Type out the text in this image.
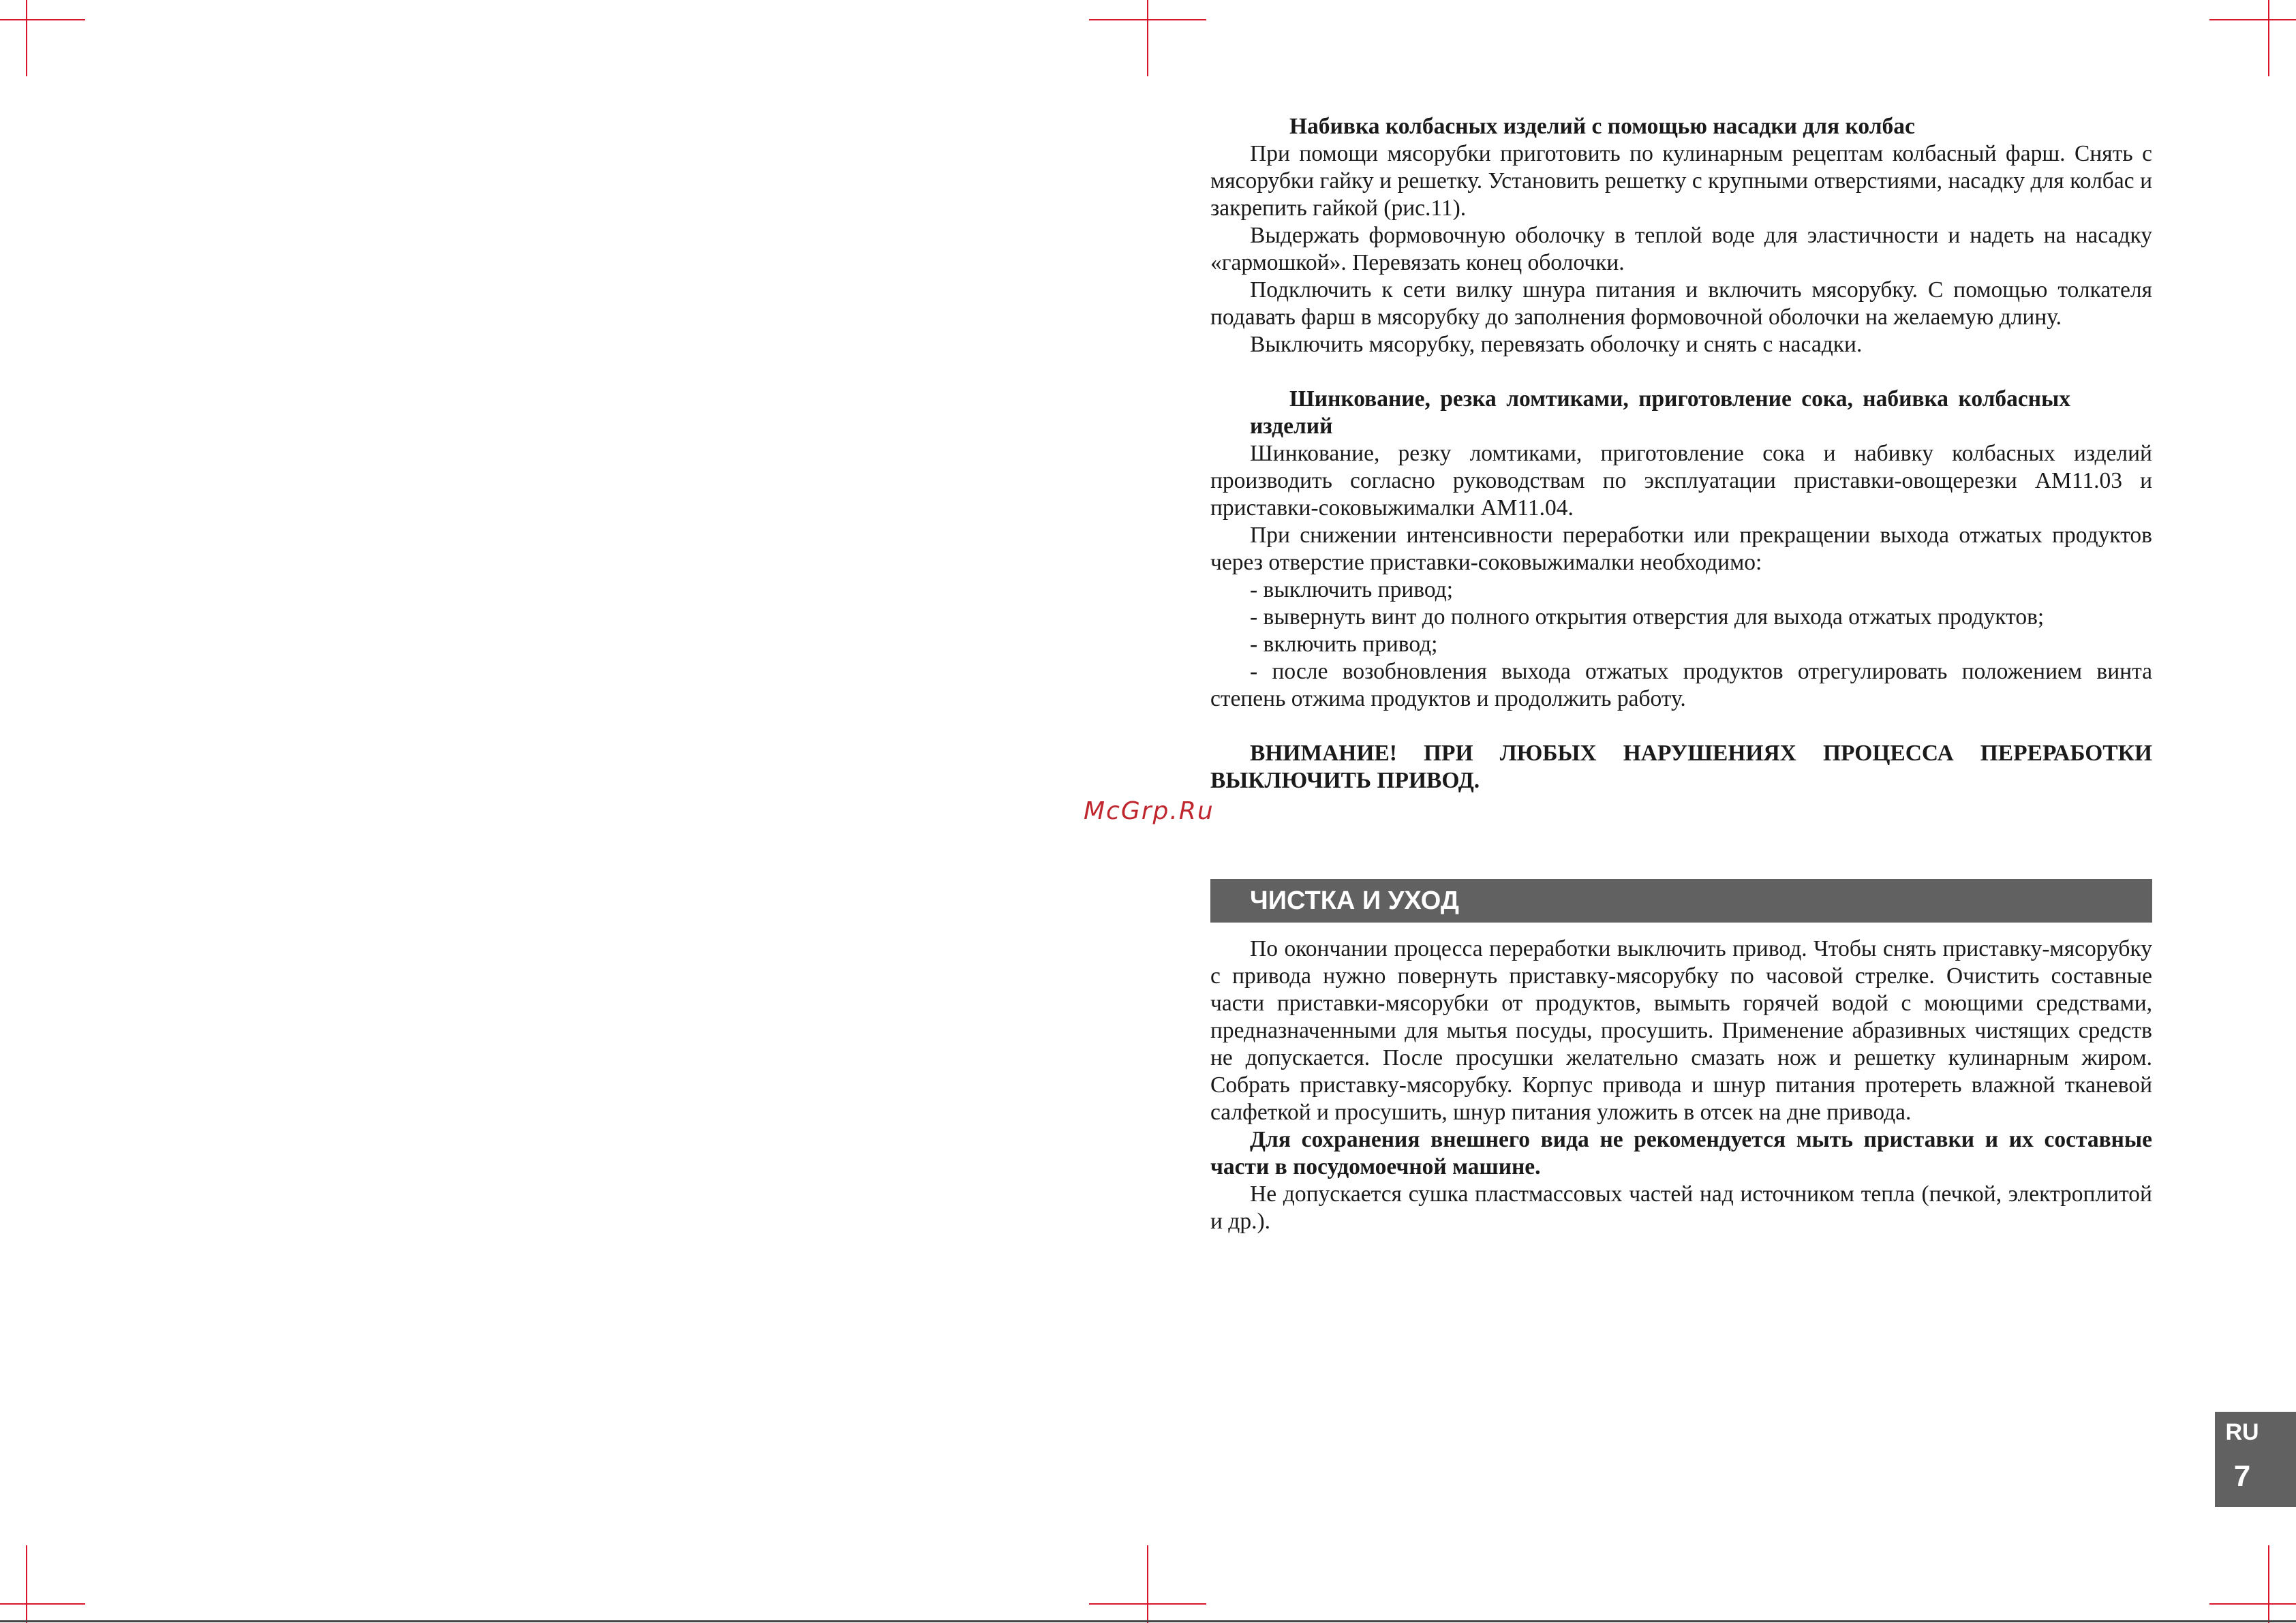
Набивка колбасных изделий с помощью насадки для колбас

При помощи мясорубки приготовить по кулинарным рецептам колбасный фарш. Снять с мясорубки гайку и решетку. Установить решетку с крупными отверстиями, насадку для колбас и закрепить гайкой (рис.11).

Выдержать формовочную оболочку в теплой воде для эластичности и надеть на насадку «гармошкой». Перевязать конец оболочки.

Подключить к сети вилку шнура питания и включить мясорубку. С помощью толкателя подавать фарш в мясорубку до заполнения формовочной оболочки на желаемую длину.

Выключить мясорубку, перевязать оболочку и снять с насадки.

Шинкование, резка ломтиками, приготовление сока, набивка колбасных изделий

Шинкование, резку ломтиками, приготовление сока и набивку колбасных изделий производить согласно руководствам по эксплуатации приставки-овощерезки АМ11.03 и приставки-соковыжималки АМ11.04.

При снижении интенсивности переработки или прекращении выхода отжатых продуктов через отверстие приставки-соковыжималки необходимо:

- выключить привод;

- вывернуть винт до полного открытия отверстия для выхода отжатых продуктов;

- включить привод;

- после возобновления выхода отжатых продуктов отрегулировать положением винта степень отжима продуктов и продолжить работу.

ВНИМАНИЕ! ПРИ ЛЮБЫХ НАРУШЕНИЯХ ПРОЦЕССА ПЕРЕРАБОТКИ ВЫКЛЮЧИТЬ ПРИВОД.

McGrp.Ru
ЧИСТКА И УХОД

По окончании процесса переработки выключить привод. Чтобы снять приставку-мясорубку с привода нужно повернуть приставку-мясорубку по часовой стрелке. Очистить составные части приставки-мясорубки от продуктов, вымыть горячей водой с моющими средствами, предназначенными для мытья посуды, просушить. Применение абразивных чистящих средств не допускается. После просушки желательно смазать нож и решетку кулинарным жиром. Собрать приставку-мясорубку. Корпус привода и шнур питания протереть влажной тканевой салфеткой и просушить, шнур питания уложить в отсек на дне привода.

Для сохранения внешнего вида не рекомендуется мыть приставки и их составные части в посудомоечной машине.

Не допускается сушка пластмассовых частей над источником тепла (печкой, электроплитой и др.).

RU
7
